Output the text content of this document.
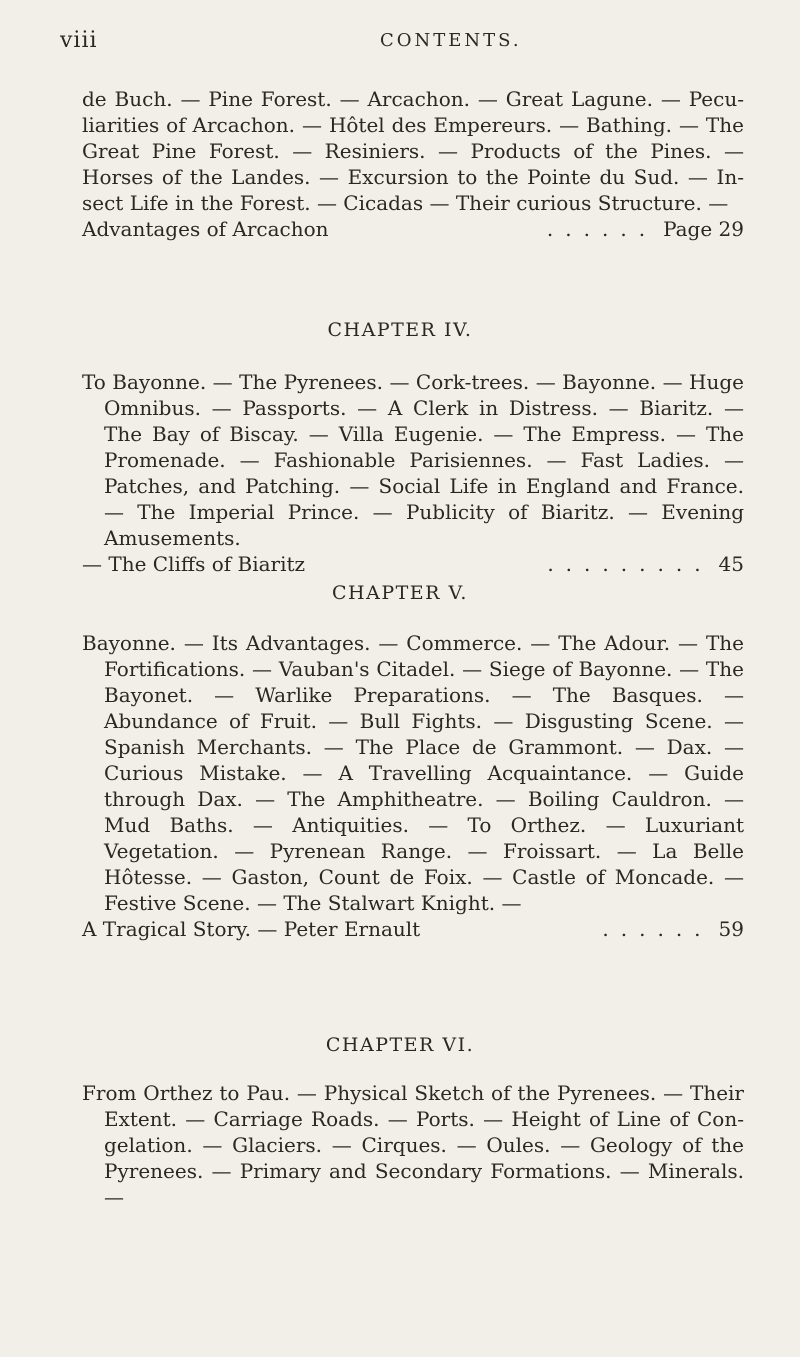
viii	CONTENTS.

de Buch. — Pine Forest. — Arcachon. — Great Lagune. — Peculiarities of Arcachon. — Hôtel des Empereurs. — Bathing. — The Great Pine Forest. — Resiniers. — Products of the Pines. — Horses of the Landes. — Excursion to the Pointe du Sud. — Insect Life in the Forest. — Cicadas — Their curious Structure. —

Advantages of Arcachon	...... Page 29
CHAPTER IV.

To Bayonne. — The Pyrenees. — Cork-trees. — Bayonne. — Huge Omnibus. — Passports. — A Clerk in Distress. — Biaritz. — The Bay of Biscay. — Villa Eugenie. — The Empress. — The Promenade. — Fashionable Parisiennes. — Fast Ladies. — Patches, and Patching. — Social Life in England and France. — The Imperial Prince. — Publicity of Biaritz. — Evening Amusements.

— The Cliffs of Biaritz	......... 45
CHAPTER V.

Bayonne. — Its Advantages. — Commerce. — The Adour. — The Fortifications. — Vauban's Citadel. — Siege of Bayonne. — The Bayonet. — Warlike Preparations. — The Basques. — Abundance of Fruit. — Bull Fights. — Disgusting Scene. — Spanish Merchants. — The Place de Grammont. — Dax. — Curious Mistake. — A Travelling Acquaintance. — Guide through Dax. — The Amphitheatre. — Boiling Cauldron. — Mud Baths. — Antiquities. — To Orthez. — Luxuriant Vegetation. — Pyrenean Range. — Froissart. — La Belle Hôtesse. — Gaston, Count de Foix. — Castle of Moncade. — Festive Scene. — The Stalwart Knight. —

A Tragical Story. — Peter Ernault	...... 59
CHAPTER VI.

From Orthez to Pau. — Physical Sketch of the Pyrenees. — Their Extent. — Carriage Roads. — Ports. — Height of Line of Congelation. — Glaciers. — Cirques. — Oules. — Geology of the Pyrenees. — Primary and Secondary Formations. — Minerals. —
